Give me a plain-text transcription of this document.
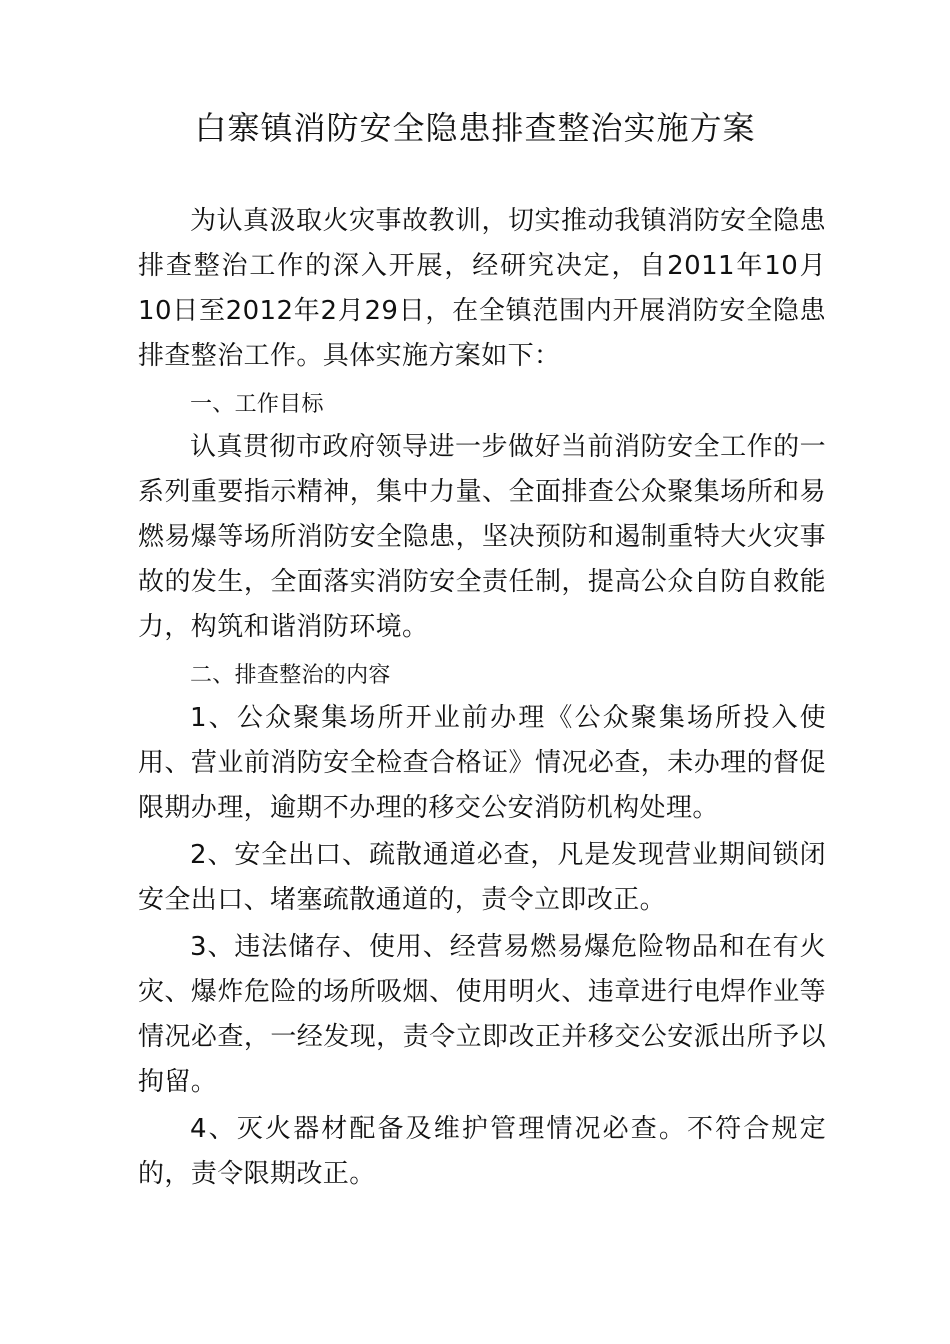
白寨镇消防安全隐患排查整治实施方案

为认真汲取火灾事故教训，切实推动我镇消防安全隐患排查整治工作的深入开展，经研究决定，自2011年10月10日至2012年2月29日，在全镇范围内开展消防安全隐患排查整治工作。具体实施方案如下：

一、工作目标

认真贯彻市政府领导进一步做好当前消防安全工作的一系列重要指示精神，集中力量、全面排查公众聚集场所和易燃易爆等场所消防安全隐患，坚决预防和遏制重特大火灾事故的发生，全面落实消防安全责任制，提高公众自防自救能力，构筑和谐消防环境。

二、排查整治的内容

1、公众聚集场所开业前办理《公众聚集场所投入使用、营业前消防安全检查合格证》情况必查，未办理的督促限期办理，逾期不办理的移交公安消防机构处理。

2、安全出口、疏散通道必查，凡是发现营业期间锁闭安全出口、堵塞疏散通道的，责令立即改正。

3、违法储存、使用、经营易燃易爆危险物品和在有火灾、爆炸危险的场所吸烟、使用明火、违章进行电焊作业等情况必查，一经发现，责令立即改正并移交公安派出所予以拘留。

4、灭火器材配备及维护管理情况必查。不符合规定的，责令限期改正。
